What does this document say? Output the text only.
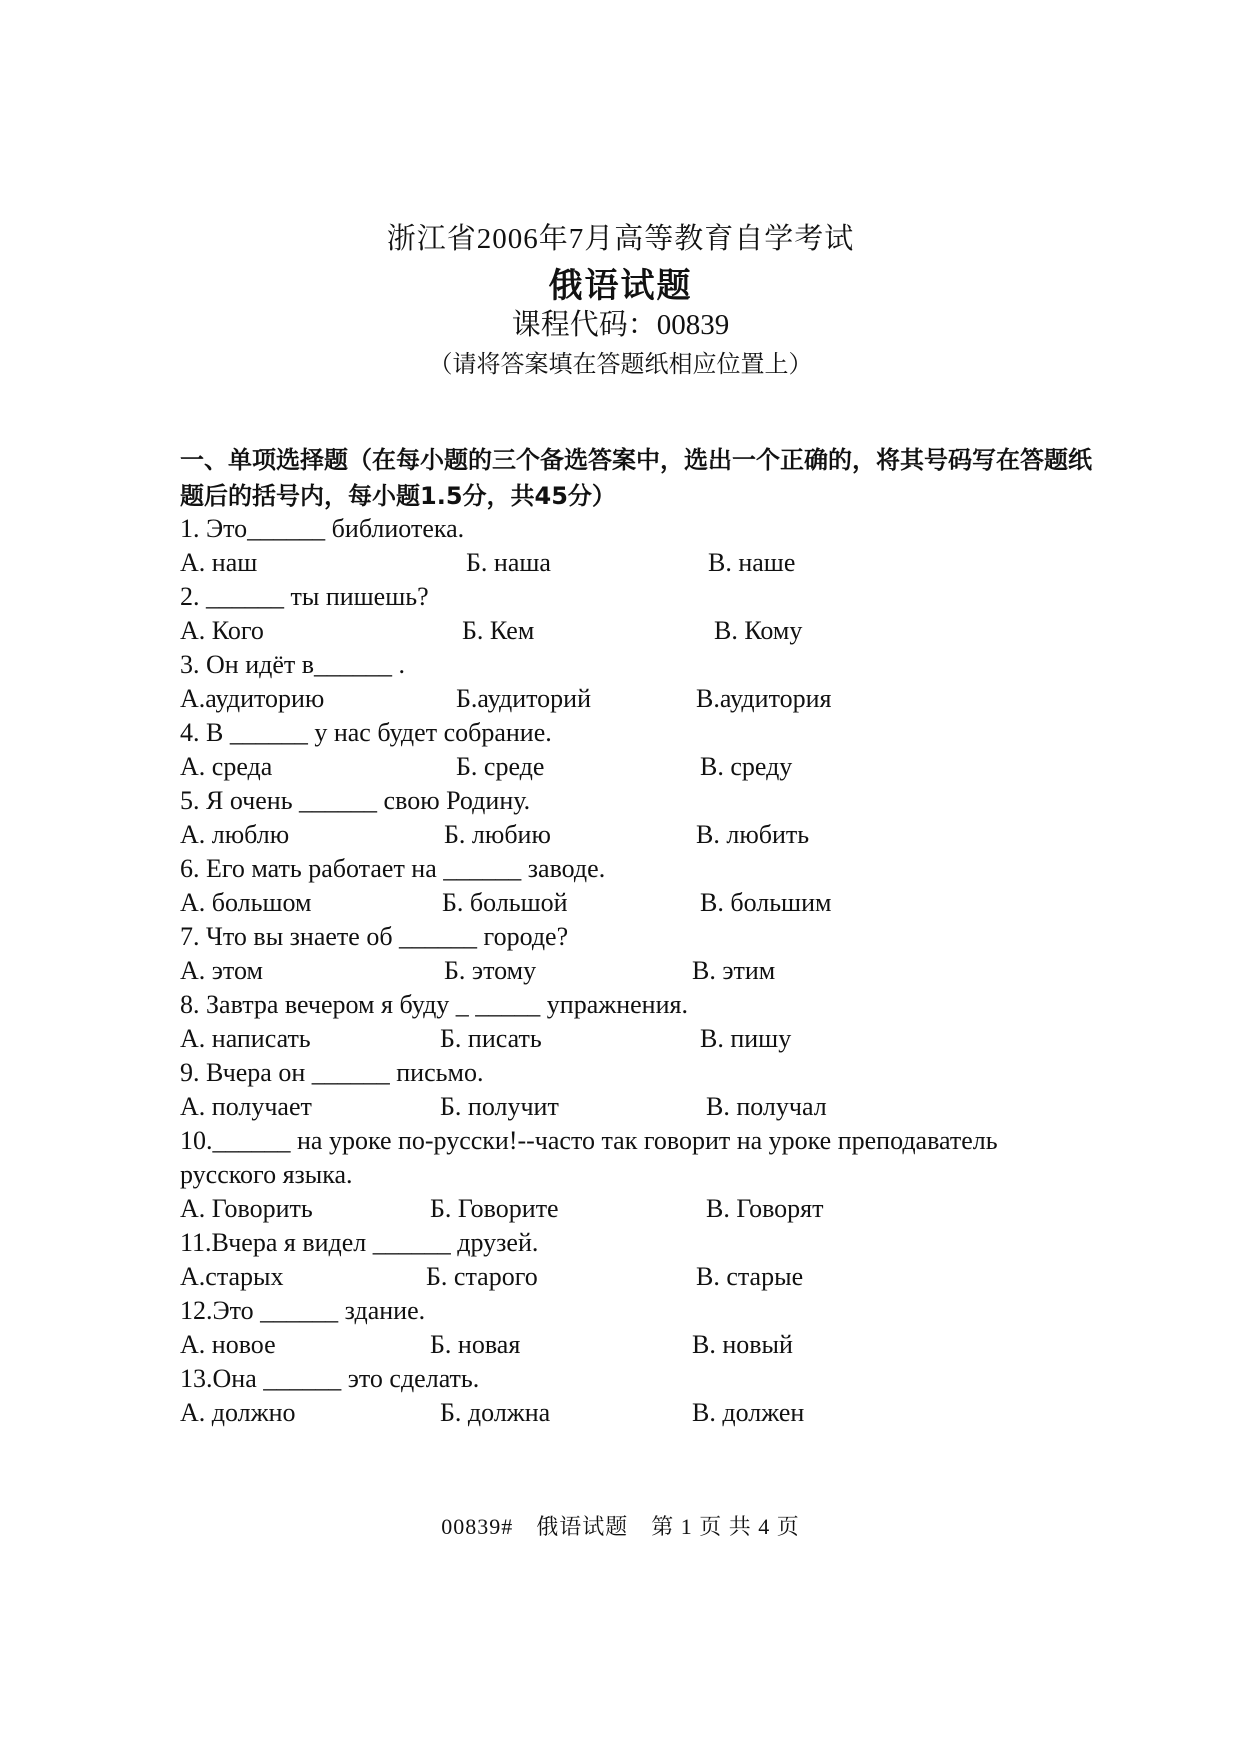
浙江省2006年7月高等教育自学考试
俄语试题
课程代码：00839
（请将答案填在答题纸相应位置上）
一、单项选择题（在每小题的三个备选答案中，选出一个正确的，将其号码写在答题纸题后的括号内，每小题1.5分，共45分）
1. Это______ библиотека.
А. наш	Б. наша	В. наше
2. ______ ты пишешь?
А. Кого	Б. Кем	В. Кому
3. Он идёт в______ .
А.аудиторию	Б.аудиторий	В.аудитория
4. В ______ у нас будет собрание.
А. среда	Б. среде	В. среду
5. Я очень ______ свою Родину.
А. люблю	Б. любию	В. любить
6. Его мать работает на ______ заводе.
А. большом	Б. большой	В. большим
7. Что вы знаете об ______ городе?
А. этом	Б. этому	В. этим
8. Завтра вечером я буду _ _____ упражнения.
А. написать	Б. писать	В. пишу
9. Вчера он ______ письмо.
А. получает	Б. получит	В. получал
10.______ на уроке по-русски!--часто так говорит на уроке преподаватель русского языка.
А. Говорить	Б. Говорите	В. Говорят
11.Вчера я видел ______ друзей.
А.старых	Б. старого	В. старые
12.Это ______ здание.
А. новое	Б. новая	В. новый
13.Она ______ это сделать.
А. должно	Б. должна	В. должен
00839#　俄语试题　第 1 页 共 4 页
